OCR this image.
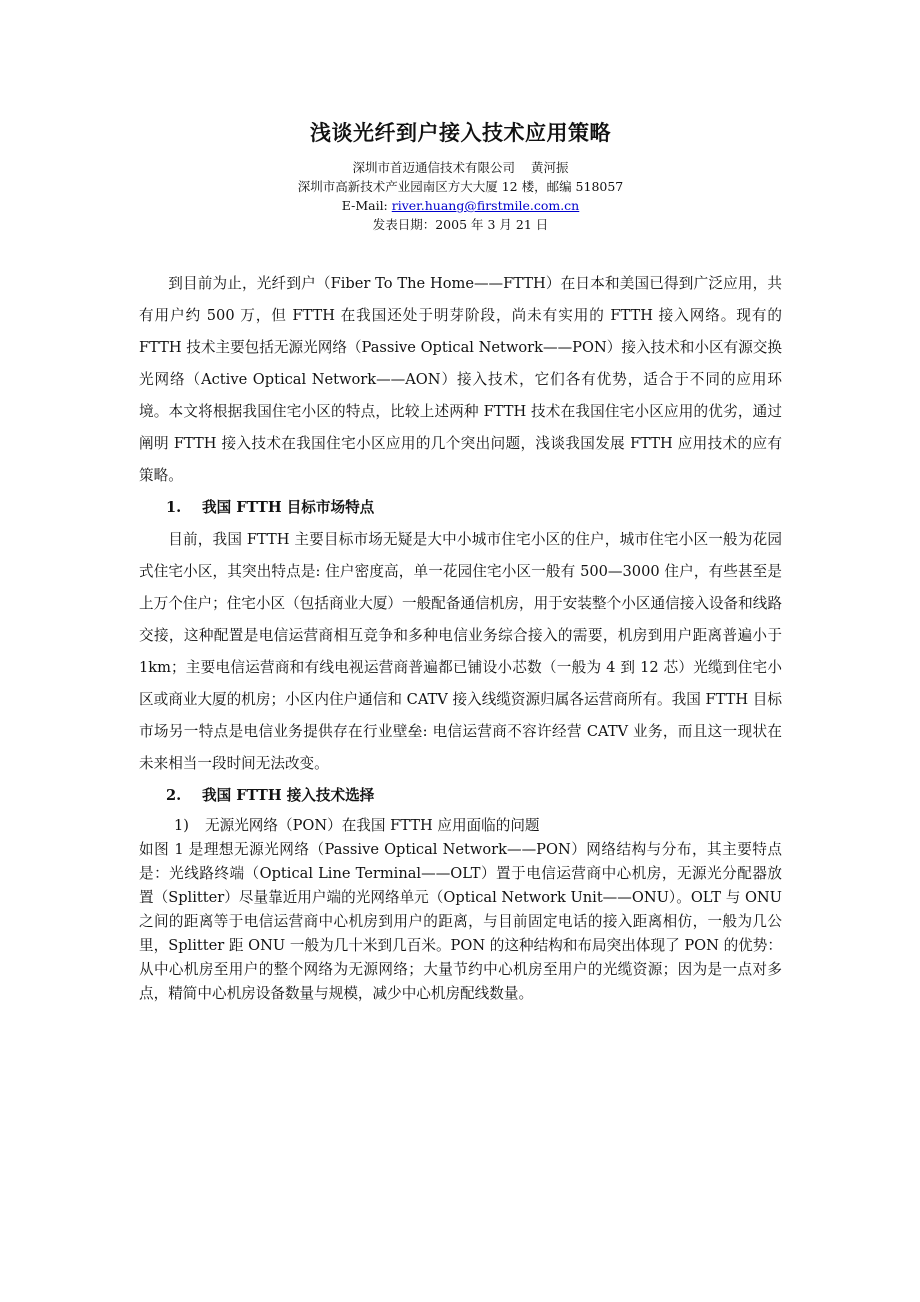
浅谈光纤到户接入技术应用策略
深圳市首迈通信技术有限公司    黄河振
深圳市高新技术产业园南区方大大厦 12 楼，邮编 518057
E-Mail: river.huang@firstmile.com.cn
发表日期：2005 年 3 月 21 日

到目前为止，光纤到户（Fiber To The Home——FTTH）在日本和美国已得到广泛应用，共有用户约 500 万，但 FTTH 在我国还处于明芽阶段，尚未有实用的 FTTH 接入网络。现有的 FTTH 技术主要包括无源光网络（Passive Optical Network——PON）接入技术和小区有源交换光网络（Active Optical Network——AON）接入技术，它们各有优势，适合于不同的应用环境。本文将根据我国住宅小区的特点，比较上述两种 FTTH 技术在我国住宅小区应用的优劣，通过阐明 FTTH 接入技术在我国住宅小区应用的几个突出问题，浅谈我国发展 FTTH 应用技术的应有策略。

1. 我国 FTTH 目标市场特点

目前，我国 FTTH 主要目标市场无疑是大中小城市住宅小区的住户，城市住宅小区一般为花园式住宅小区，其突出特点是: 住户密度高，单一花园住宅小区一般有 500—3000 住户，有些甚至是上万个住户；住宅小区（包括商业大厦）一般配备通信机房，用于安装整个小区通信接入设备和线路交接，这种配置是电信运营商相互竞争和多种电信业务综合接入的需要，机房到用户距离普遍小于 1km；主要电信运营商和有线电视运营商普遍都已铺设小芯数（一般为 4 到 12 芯）光缆到住宅小区或商业大厦的机房；小区内住户通信和 CATV 接入线缆资源归属各运营商所有。我国 FTTH 目标市场另一特点是电信业务提供存在行业壁垒: 电信运营商不容许经营 CATV 业务，而且这一现状在未来相当一段时间无法改变。

2. 我国 FTTH 接入技术选择
1) 无源光网络（PON）在我国 FTTH 应用面临的问题

如图 1 是理想无源光网络（Passive Optical Network——PON）网络结构与分布，其主要特点是：光线路终端（Optical Line Terminal——OLT）置于电信运营商中心机房，无源光分配器放置（Splitter）尽量靠近用户端的光网络单元（Optical Network Unit——ONU）。OLT 与 ONU 之间的距离等于电信运营商中心机房到用户的距离，与目前固定电话的接入距离相仿，一般为几公里，Splitter 距 ONU 一般为几十米到几百米。PON 的这种结构和布局突出体现了 PON 的优势：从中心机房至用户的整个网络为无源网络；大量节约中心机房至用户的光缆资源；因为是一点对多点，精简中心机房设备数量与规模，减少中心机房配线数量。
